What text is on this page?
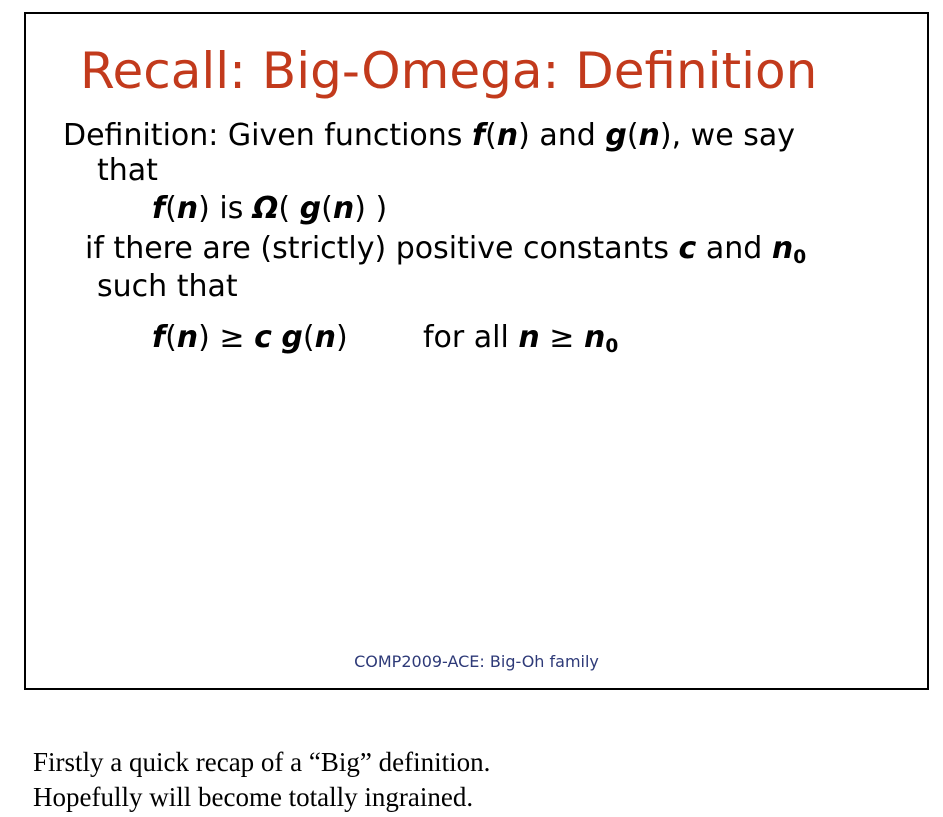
Recall: Big-Omega: Definition
Definition: Given functions f(n) and g(n), we say
that
f(n) is Ω( g(n) )
if there are (strictly) positive constants c and $n_0$
such that
f(n) ≥ c g(n)	for all $n \ge n_0$
COMP2009-ACE: Big-Oh family
Firstly a quick recap of a “Big” definition.
Hopefully will become totally ingrained.
